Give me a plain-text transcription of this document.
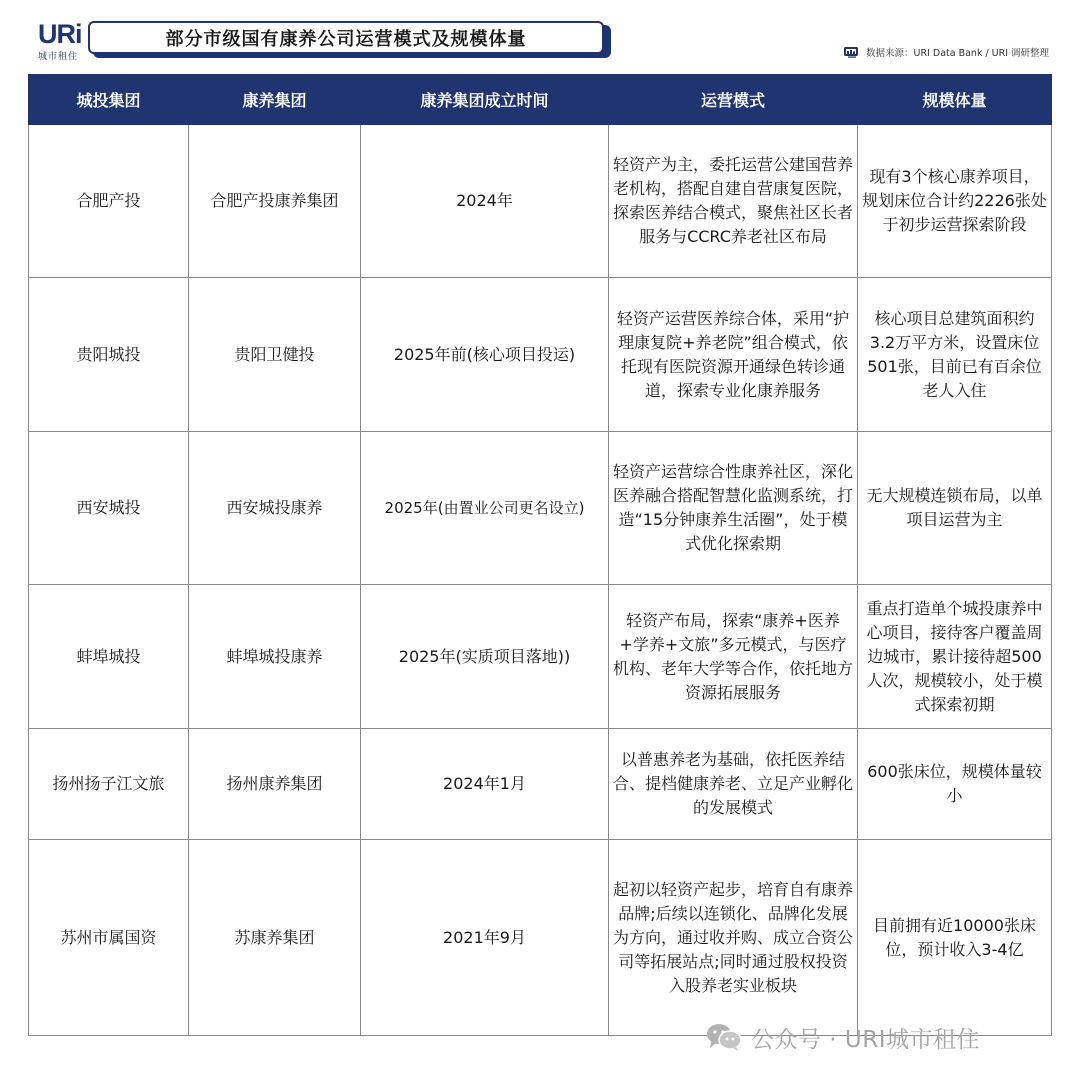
URi
城市租住
部分市级国有康养公司运营模式及规模体量
数据来源：URI Data Bank / URI 调研整理
城投集团	康养集团	康养集团成立时间	运营模式	规模体量
合肥产投	合肥产投康养集团	2024年	轻资产为主，委托运营公建国营养老机构，搭配自建自营康复医院，探索医养结合模式，聚焦社区长者服务与CCRC养老社区布局	现有3个核心康养项目，规划床位合计约2226张处于初步运营探索阶段
贵阳城投	贵阳卫健投	2025年前(核心项目投运)	轻资产运营医养综合体，采用“护理康复院+养老院”组合模式，依托现有医院资源开通绿色转诊通道，探索专业化康养服务	核心项目总建筑面积约3.2万平方米，设置床位501张，目前已有百余位老人入住
西安城投	西安城投康养	2025年(由置业公司更名设立)	轻资产运营综合性康养社区，深化医养融合搭配智慧化监测系统，打造“15分钟康养生活圈”，处于模式优化探索期	无大规模连锁布局，以单项目运营为主
蚌埠城投	蚌埠城投康养	2025年(实质项目落地))	轻资产布局，探索“康养+医养+学养+文旅”多元模式，与医疗机构、老年大学等合作，依托地方资源拓展服务	重点打造单个城投康养中心项目，接待客户覆盖周边城市，累计接待超500人次，规模较小，处于模式探索初期
扬州扬子江文旅	扬州康养集团	2024年1月	以普惠养老为基础，依托医养结合、提档健康养老、立足产业孵化的发展模式	600张床位，规模体量较小
苏州市属国资	苏康养集团	2021年9月	起初以轻资产起步，培育自有康养品牌;后续以连锁化、品牌化发展为方向，通过收并购、成立合资公司等拓展站点;同时通过股权投资入股养老实业板块	目前拥有近10000张床位，预计收入3-4亿
公众号 · URI城市租住
